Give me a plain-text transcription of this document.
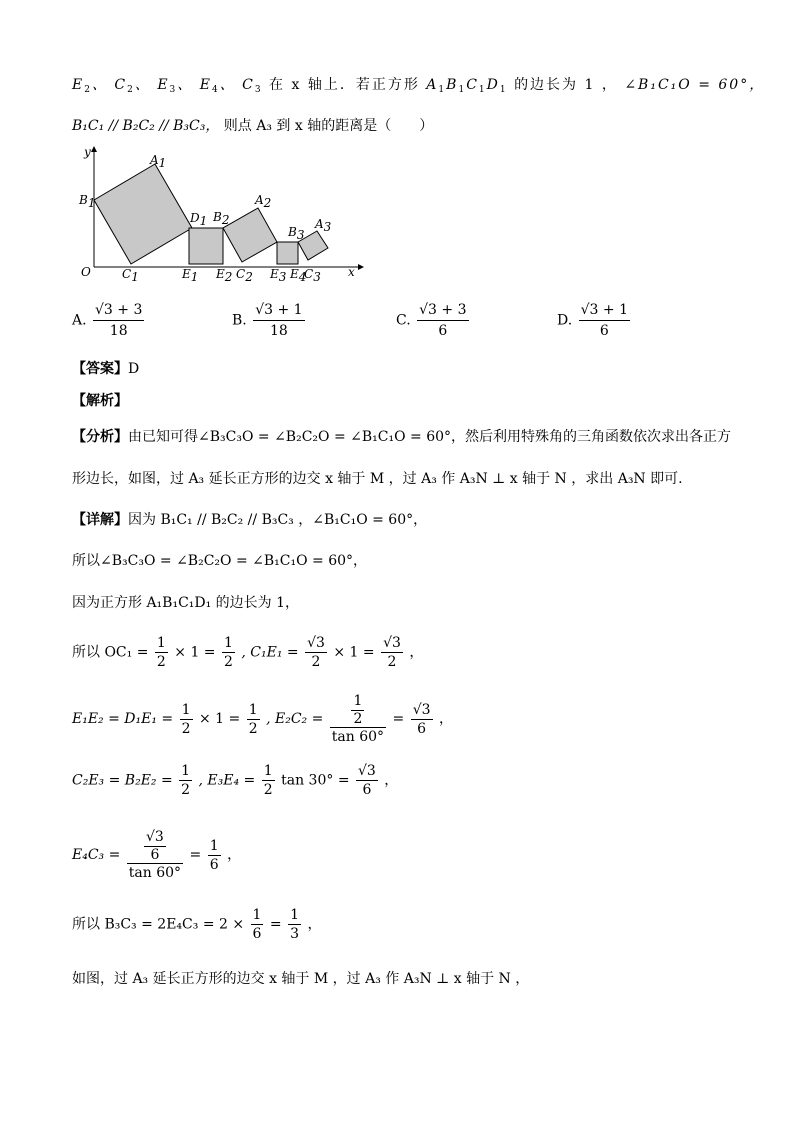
$E_2$、 $C_2$、 $E_3$、 $E_4$、 $C_3$ 在 x 轴上．若正方形 $A_1B_1C_1D_1$ 的边长为 1 ， ∠B₁C₁O = 60°，
B₁C₁ // B₂C₂ // B₃C₃， 则点 A₃ 到 x 轴的距离是（　　）
y
A1
B1
D1 B2
A2
B3
A3
O	C1	E1 E2 C2 E3 E4
C3 x
A. $\frac{√3 + 3}{18}$	B. $\frac{√3 + 1}{18}$	C. $\frac{√3 + 3}{6}$	D. $\frac{√3 + 1}{6}$
【答案】D
【解析】
【分析】由已知可得∠B₃C₃O = ∠B₂C₂O = ∠B₁C₁O = 60°，然后利用特殊角的三角函数依次求出各正方
形边长，如图，过 A₃ 延长正方形的边交 x 轴于 M ，过 A₃ 作 A₃N ⊥ x 轴于 N ，求出 A₃N 即可.
【详解】因为 B₁C₁ // B₂C₂ // B₃C₃ ，∠B₁C₁O = 60°，
所以∠B₃C₃O = ∠B₂C₂O = ∠B₁C₁O = 60°，
因为正方形 A₁B₁C₁D₁ 的边长为 1，
所以 $OC_1 = \frac{1}{2} \times 1 = \frac{1}{2}$ , $C_1E_1 = \frac{√3}{2} \times 1 = \frac{√3}{2}$ ，
$E_1E_2 = D_1E_1 = \frac{1}{2} \times 1 = \frac{1}{2}$ , $E_2C_2 = \frac{\frac{1}{2}}{\tan 60^\circ} = \frac{√3}{6}$ ，
$C_2E_3 = B_2E_2 = \frac{1}{2}$ , $E_3E_4 = \frac{1}{2}$ $\tan 30^\circ = \frac{√3}{6}$ ，
$E_4C_3 = \frac{\frac{√3}{6}}{\tan 60^\circ} = \frac{1}{6}$ ，
所以 $B_3C_3 = 2E_4C_3 = 2 \times \frac{1}{6} = \frac{1}{3}$ ，
如图，过 A₃ 延长正方形的边交 x 轴于 M ，过 A₃ 作 A₃N ⊥ x 轴于 N ，
